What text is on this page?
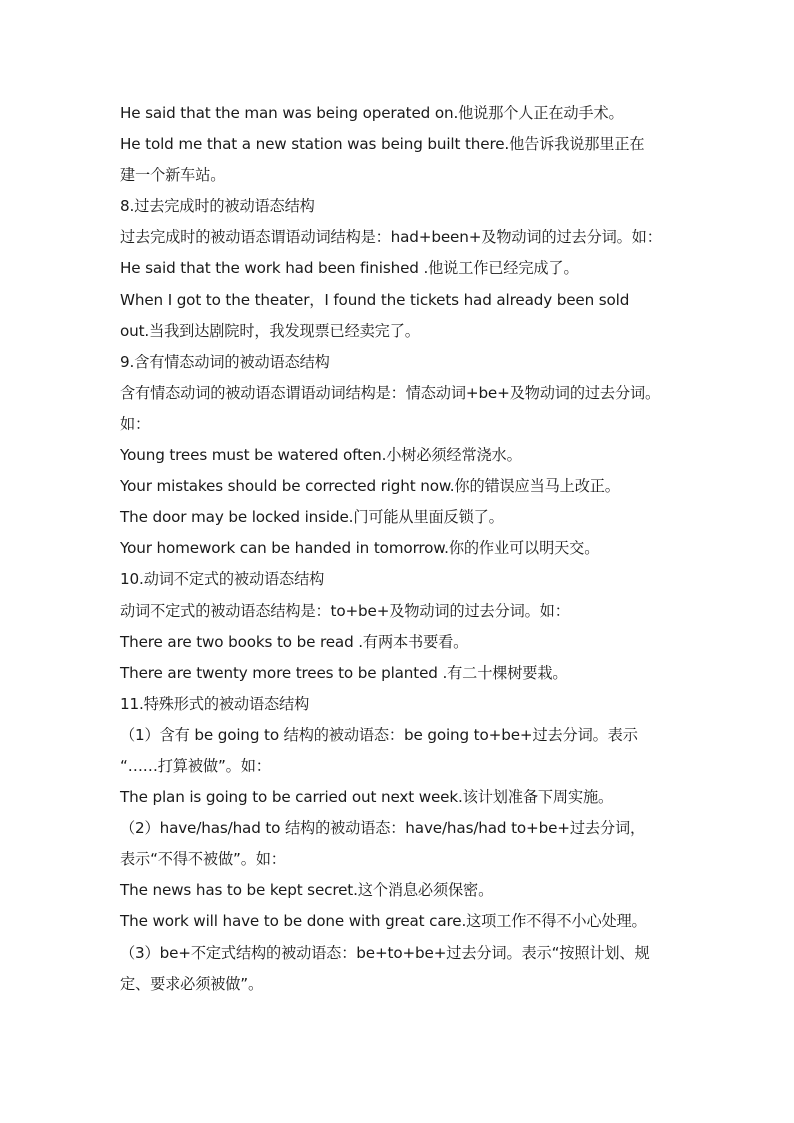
He said that the man was being operated on.他说那个人正在动手术。
He told me that a new station was being built there.他告诉我说那里正在
建一个新车站。
8.过去完成时的被动语态结构
过去完成时的被动语态谓语动词结构是：had+been+及物动词的过去分词。如：
He said that the work had been finished .他说工作已经完成了。
When I got to the theater，I found the tickets had already been sold
out.当我到达剧院时，我发现票已经卖完了。
9.含有情态动词的被动语态结构
含有情态动词的被动语态谓语动词结构是：情态动词+be+及物动词的过去分词。
如：
Young trees must be watered often.小树必须经常浇水。
Your mistakes should be corrected right now.你的错误应当马上改正。
The door may be locked inside.门可能从里面反锁了。
Your homework can be handed in tomorrow.你的作业可以明天交。
10.动词不定式的被动语态结构
动词不定式的被动语态结构是：to+be+及物动词的过去分词。如：
There are two books to be read .有两本书要看。
There are twenty more trees to be planted .有二十棵树要栽。
11.特殊形式的被动语态结构
（1）含有 be going to 结构的被动语态：be going to+be+过去分词。表示
“……打算被做”。如：
The plan is going to be carried out next week.该计划准备下周实施。
（2）have/has/had to 结构的被动语态：have/has/had to+be+过去分词，
表示“不得不被做”。如：
The news has to be kept secret.这个消息必须保密。
The work will have to be done with great care.这项工作不得不小心处理。
（3）be+不定式结构的被动语态：be+to+be+过去分词。表示“按照计划、规
定、要求必须被做”。
